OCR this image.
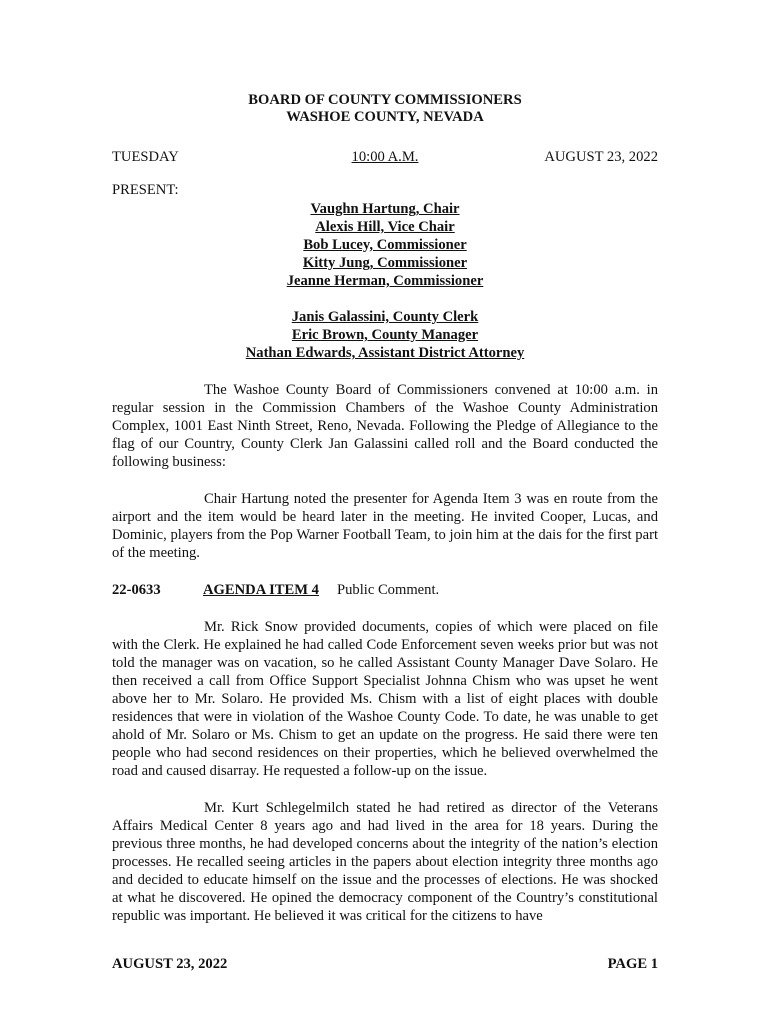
BOARD OF COUNTY COMMISSIONERS
WASHOE COUNTY, NEVADA
TUESDAY	10:00 A.M.	AUGUST 23, 2022
PRESENT:
Vaughn Hartung, Chair
Alexis Hill, Vice Chair
Bob Lucey, Commissioner
Kitty Jung, Commissioner
Jeanne Herman, Commissioner
Janis Galassini, County Clerk
Eric Brown, County Manager
Nathan Edwards, Assistant District Attorney

The Washoe County Board of Commissioners convened at 10:00 a.m. in regular session in the Commission Chambers of the Washoe County Administration Complex, 1001 East Ninth Street, Reno, Nevada. Following the Pledge of Allegiance to the flag of our Country, County Clerk Jan Galassini called roll and the Board conducted the following business:

Chair Hartung noted the presenter for Agenda Item 3 was en route from the airport and the item would be heard later in the meeting. He invited Cooper, Lucas, and Dominic, players from the Pop Warner Football Team, to join him at the dais for the first part of the meeting.

22-0633	AGENDA ITEM 4 Public Comment.

Mr. Rick Snow provided documents, copies of which were placed on file with the Clerk. He explained he had called Code Enforcement seven weeks prior but was not told the manager was on vacation, so he called Assistant County Manager Dave Solaro. He then received a call from Office Support Specialist Johnna Chism who was upset he went above her to Mr. Solaro. He provided Ms. Chism with a list of eight places with double residences that were in violation of the Washoe County Code. To date, he was unable to get ahold of Mr. Solaro or Ms. Chism to get an update on the progress. He said there were ten people who had second residences on their properties, which he believed overwhelmed the road and caused disarray. He requested a follow-up on the issue.

Mr. Kurt Schlegelmilch stated he had retired as director of the Veterans Affairs Medical Center 8 years ago and had lived in the area for 18 years. During the previous three months, he had developed concerns about the integrity of the nation’s election processes. He recalled seeing articles in the papers about election integrity three months ago and decided to educate himself on the issue and the processes of elections. He was shocked at what he discovered. He opined the democracy component of the Country’s constitutional republic was important. He believed it was critical for the citizens to have

AUGUST 23, 2022	PAGE 1
